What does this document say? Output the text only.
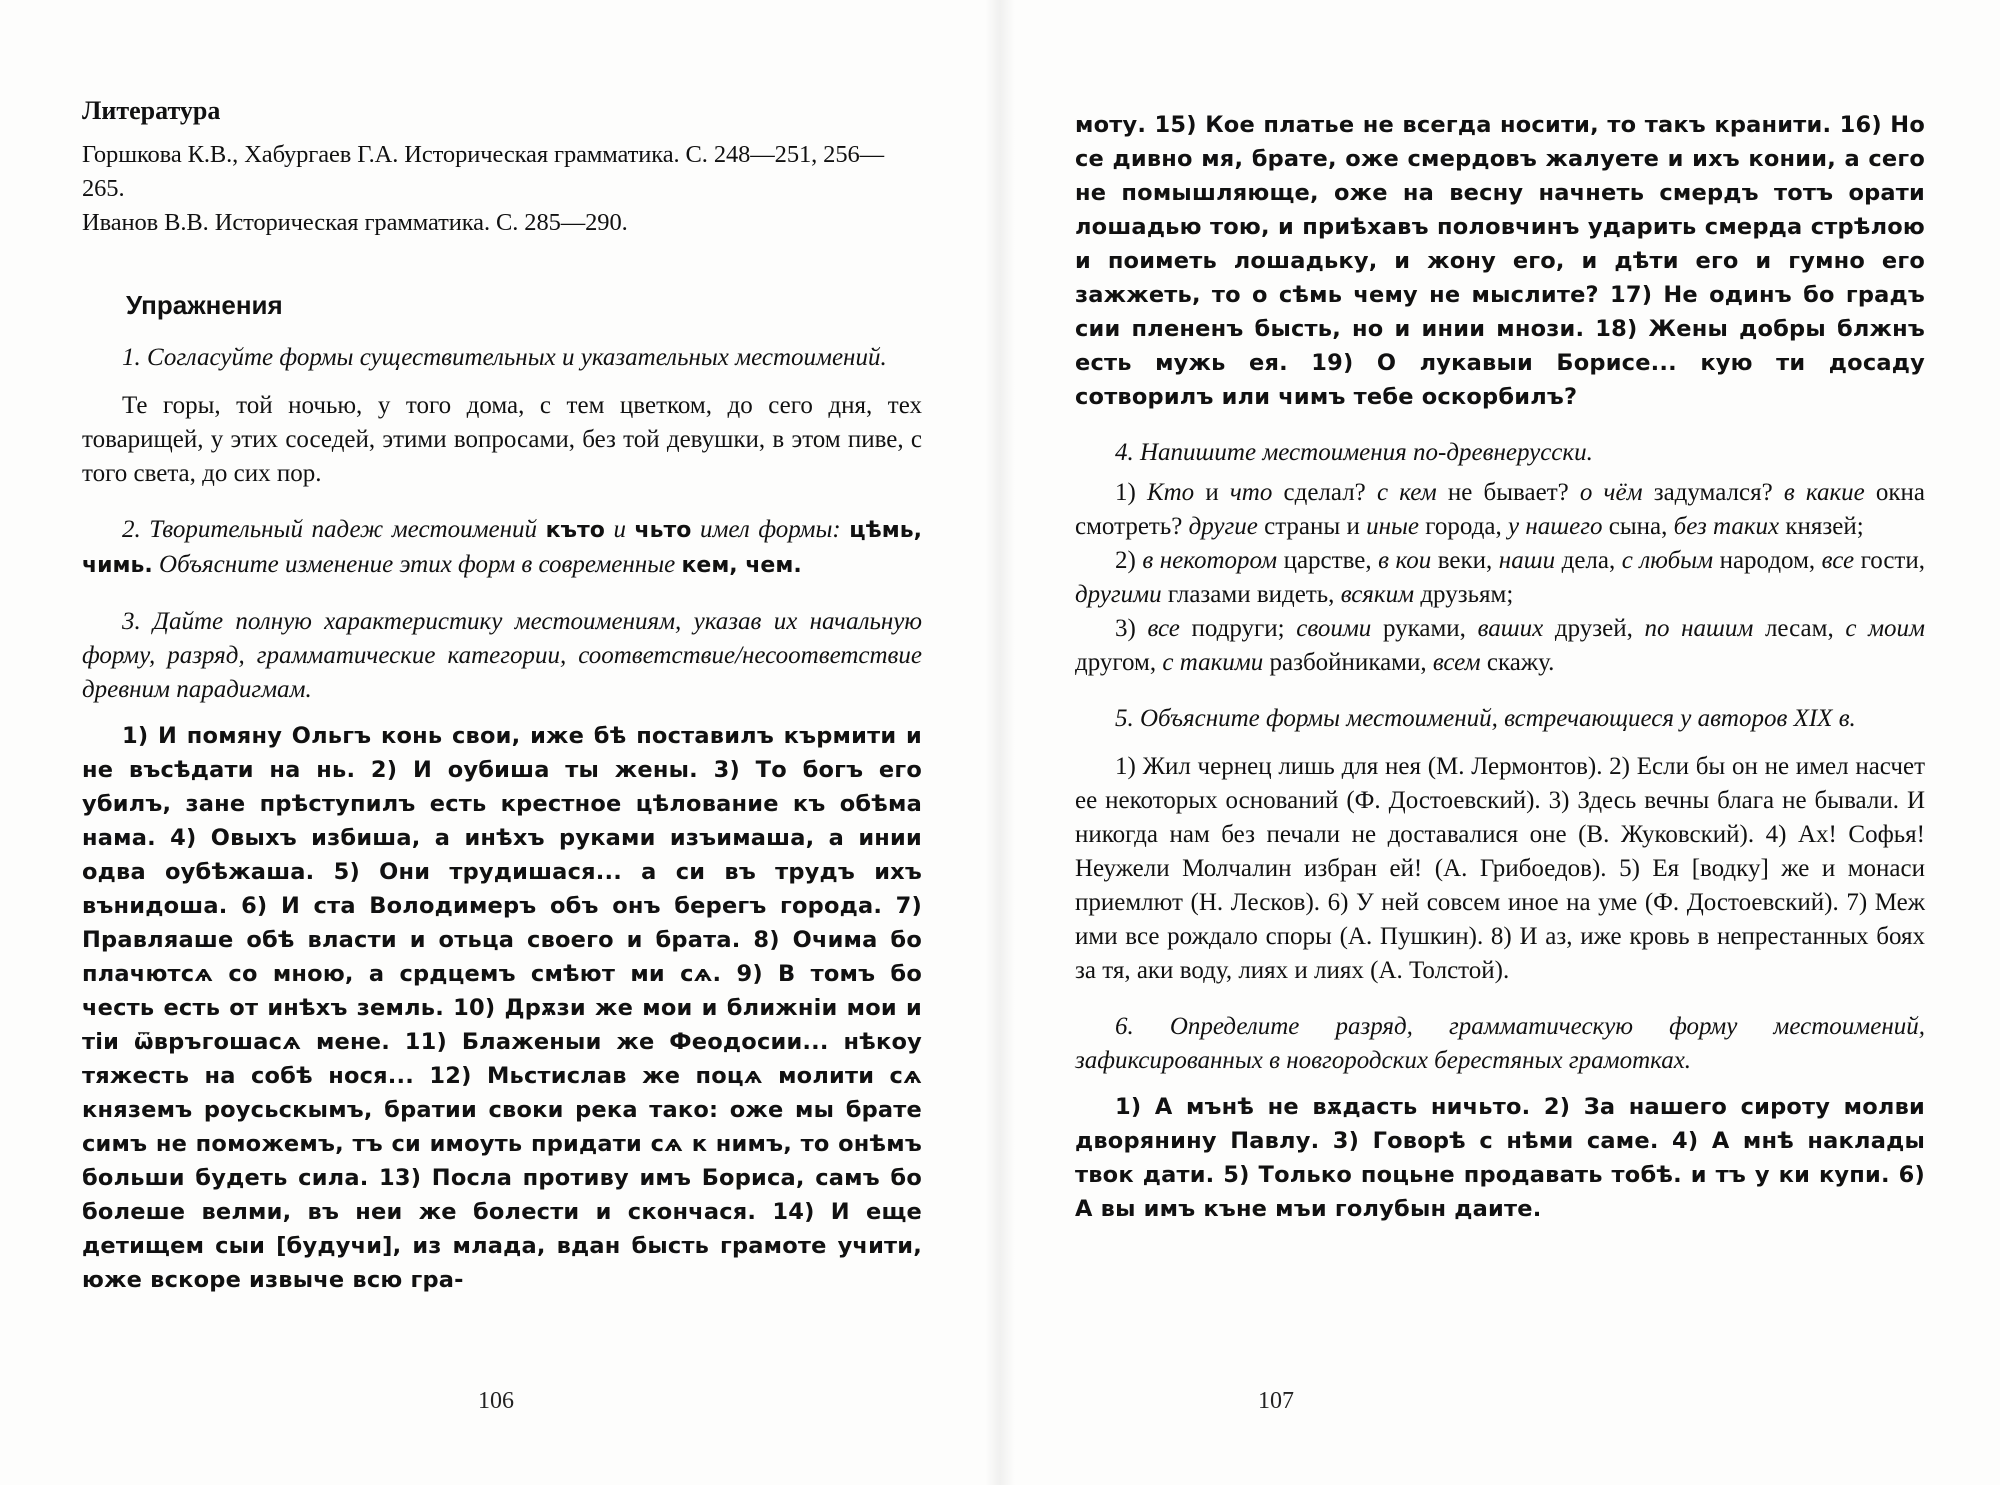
Литература

Горшкова К.В., Хабургаев Г.А. Историческая грамматика. С. 248—251, 256—265.

Иванов В.В. Историческая грамматика. С. 285—290.

Упражнения

1. Согласуйте формы существительных и указательных местоимений.

Те горы, той ночью, у того дома, с тем цветком, до сего дня, тех товарищей, у этих соседей, этими вопросами, без той девушки, в этом пиве, с того света, до сих пор.

2. Творительный падеж местоимений къто и чьто имел формы: цѣмь, чимь. Объясните изменение этих форм в современные кем, чем.

3. Дайте полную характеристику местоимениям, указав их начальную форму, разряд, грамматические категории, соответствие/несоответствие древним парадигмам.

1) И помяну Ольгъ конь свои, иже бѣ поставилъ кърмити и не въсѣдати на нь. 2) И оубиша ты жены. 3) То богъ его убилъ, зане прѣступилъ есть крестное цѣлование къ обѣма нама. 4) Овыхъ избиша, а инѣхъ руками изъимаша, а инии одва оубѣжаша. 5) Они трудишася... а си въ трудъ ихъ вънидоша. 6) И ста Володимеръ объ онъ берегъ города. 7) Правляаше обѣ власти и отьца своего и брата. 8) Очима бо плачютсѧ со мною, а срдцемъ смѣют ми сѧ. 9) В томъ бо честь есть от инѣхъ земль. 10) Дрѫзи же мои и ближнiи мои и тiи ѿвръгошасѧ мене. 11) Блаженыи же Феодосии... нѣкоу тяжесть на собѣ нося... 12) Мьстислав же поцѧ молити сѧ княземъ роусьскымъ, братии своки река тако: оже мы брате симъ не поможемъ, тъ си имоуть придати сѧ к нимъ, то онѣмъ больши будеть сила. 13) Посла противу имъ Бориса, самъ бо болеше велми, въ неи же болести и скончася. 14) И еще детищем сыи [будучи], из млада, вдан бысть грамоте учити, юже вскоре извыче всю гра-

106

моту. 15) Кое платье не всегда носити, то такъ кранити. 16) Но се дивно мя, брате, оже смердовъ жалуете и ихъ конии, а сего не помышляюще, оже на весну начнеть смердъ тотъ орати лошадью тою, и приѣхавъ половчинъ ударить смерда стрѣлою и поиметь лошадьку, и жону его, и дѣти его и гумно его зажжеть, то о сѣмь чему не мыслите? 17) Не одинъ бо градъ сии плененъ бысть, но и инии мнози. 18) Жены добры блжнъ есть мужь ея. 19) О лукавыи Борисе... кую ти досаду сотворилъ или чимъ тебе оскорбилъ?

4. Напишите местоимения по-древнерусски.

1) Кто и что сделал? с кем не бывает? о чём задумался? в какие окна смотреть? другие страны и иные города, у нашего сына, без таких князей;

2) в некотором царстве, в кои веки, наши дела, с любым народом, все гости, другими глазами видеть, всяким друзьям;

3) все подруги; своими руками, ваших друзей, по нашим лесам, с моим другом, с такими разбойниками, всем скажу.

5. Объясните формы местоимений, встречающиеся у авторов XIX в.

1) Жил чернец лишь для нея (М. Лермонтов). 2) Если бы он не имел насчет ее некоторых оснований (Ф. Достоевский). 3) Здесь вечны блага не бывали. И никогда нам без печали не доставалися оне (В. Жуковский). 4) Ах! Софья! Неужели Молчалин избран ей! (А. Грибоедов). 5) Ея [водку] же и монаси приемлют (Н. Лесков). 6) У ней совсем иное на уме (Ф. Достоевский). 7) Меж ими все рождало споры (А. Пушкин). 8) И аз, иже кровь в непрестанных боях за тя, аки воду, лиях и лиях (А. Толстой).

6. Определите разряд, грамматическую форму местоимений, зафиксированных в новгородских берестяных грамотках.

1) А мънѣ не вѫдасть ничьто. 2) За нашего сироту молви дворянину Павлу. 3) Говорѣ с нѣми саме. 4) А мнѣ наклады твок дати. 5) Только поцьне продавать тобѣ. и тъ у ки купи. 6) А вы имъ кънe мъи голубын даите.

107
